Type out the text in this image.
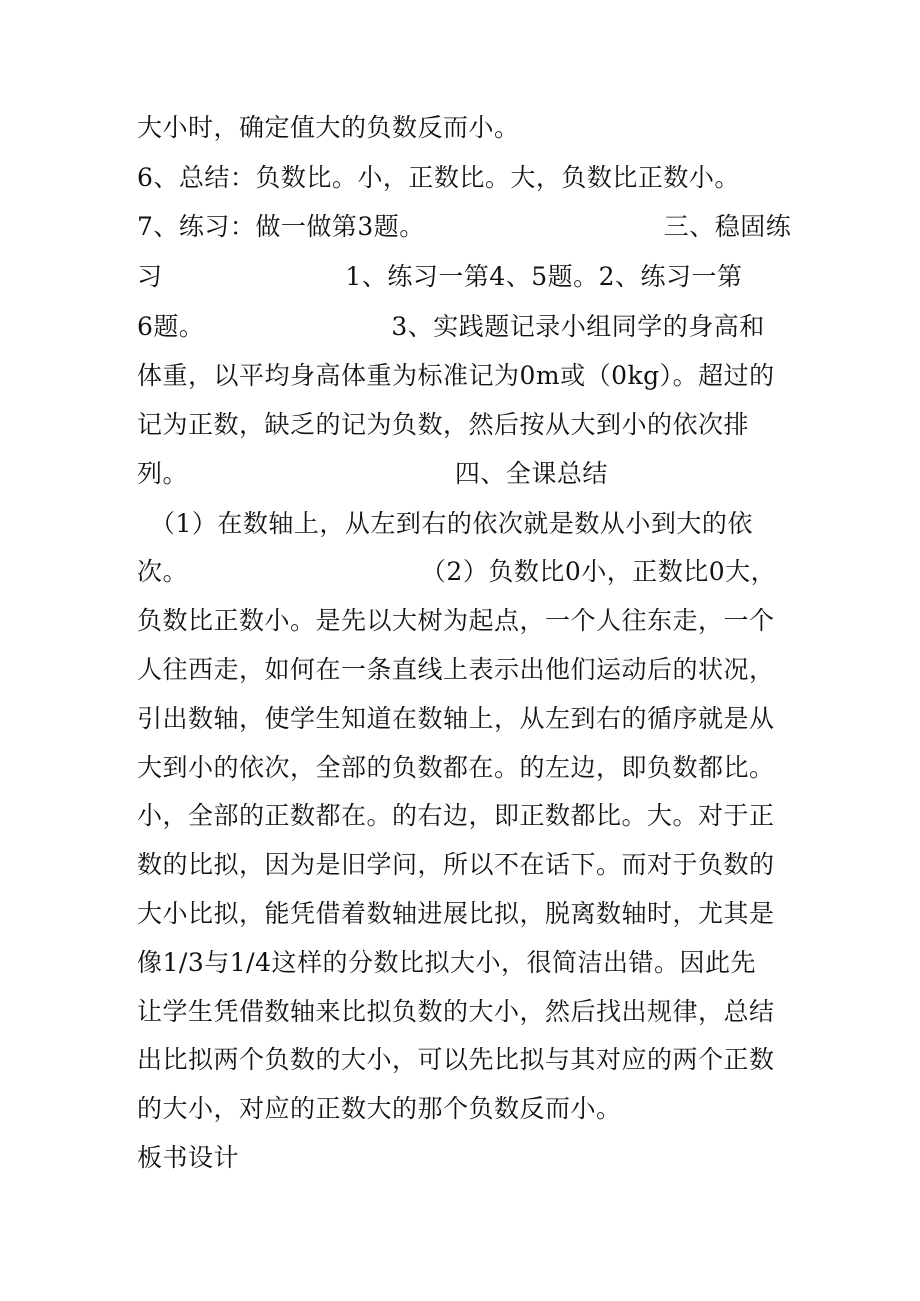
大小时，确定值大的负数反而小。
6、总结：负数比。小，正数比。大，负数比正数小。
7、练习：做一做第3题。	三、稳固练
习	1、练习一第4、5题。2、练习一第
6题。	3、实践题记录小组同学的身高和
体重，以平均身高体重为标准记为0m或（0kg）。超过的
记为正数，缺乏的记为负数，然后按从大到小的依次排
列。	四、全课总结
（1）在数轴上，从左到右的依次就是数从小到大的依
次。	（2）负数比0小，正数比0大，
负数比正数小。是先以大树为起点，一个人往东走，一个
人往西走，如何在一条直线上表示出他们运动后的状况，
引出数轴，使学生知道在数轴上，从左到右的循序就是从
大到小的依次，全部的负数都在。的左边，即负数都比。
小，全部的正数都在。的右边，即正数都比。大。对于正
数的比拟，因为是旧学问，所以不在话下。而对于负数的
大小比拟，能凭借着数轴进展比拟，脱离数轴时，尤其是
像1/3与1/4这样的分数比拟大小，很简洁出错。因此先
让学生凭借数轴来比拟负数的大小，然后找出规律，总结
出比拟两个负数的大小，可以先比拟与其对应的两个正数
的大小，对应的正数大的那个负数反而小。
板书设计
